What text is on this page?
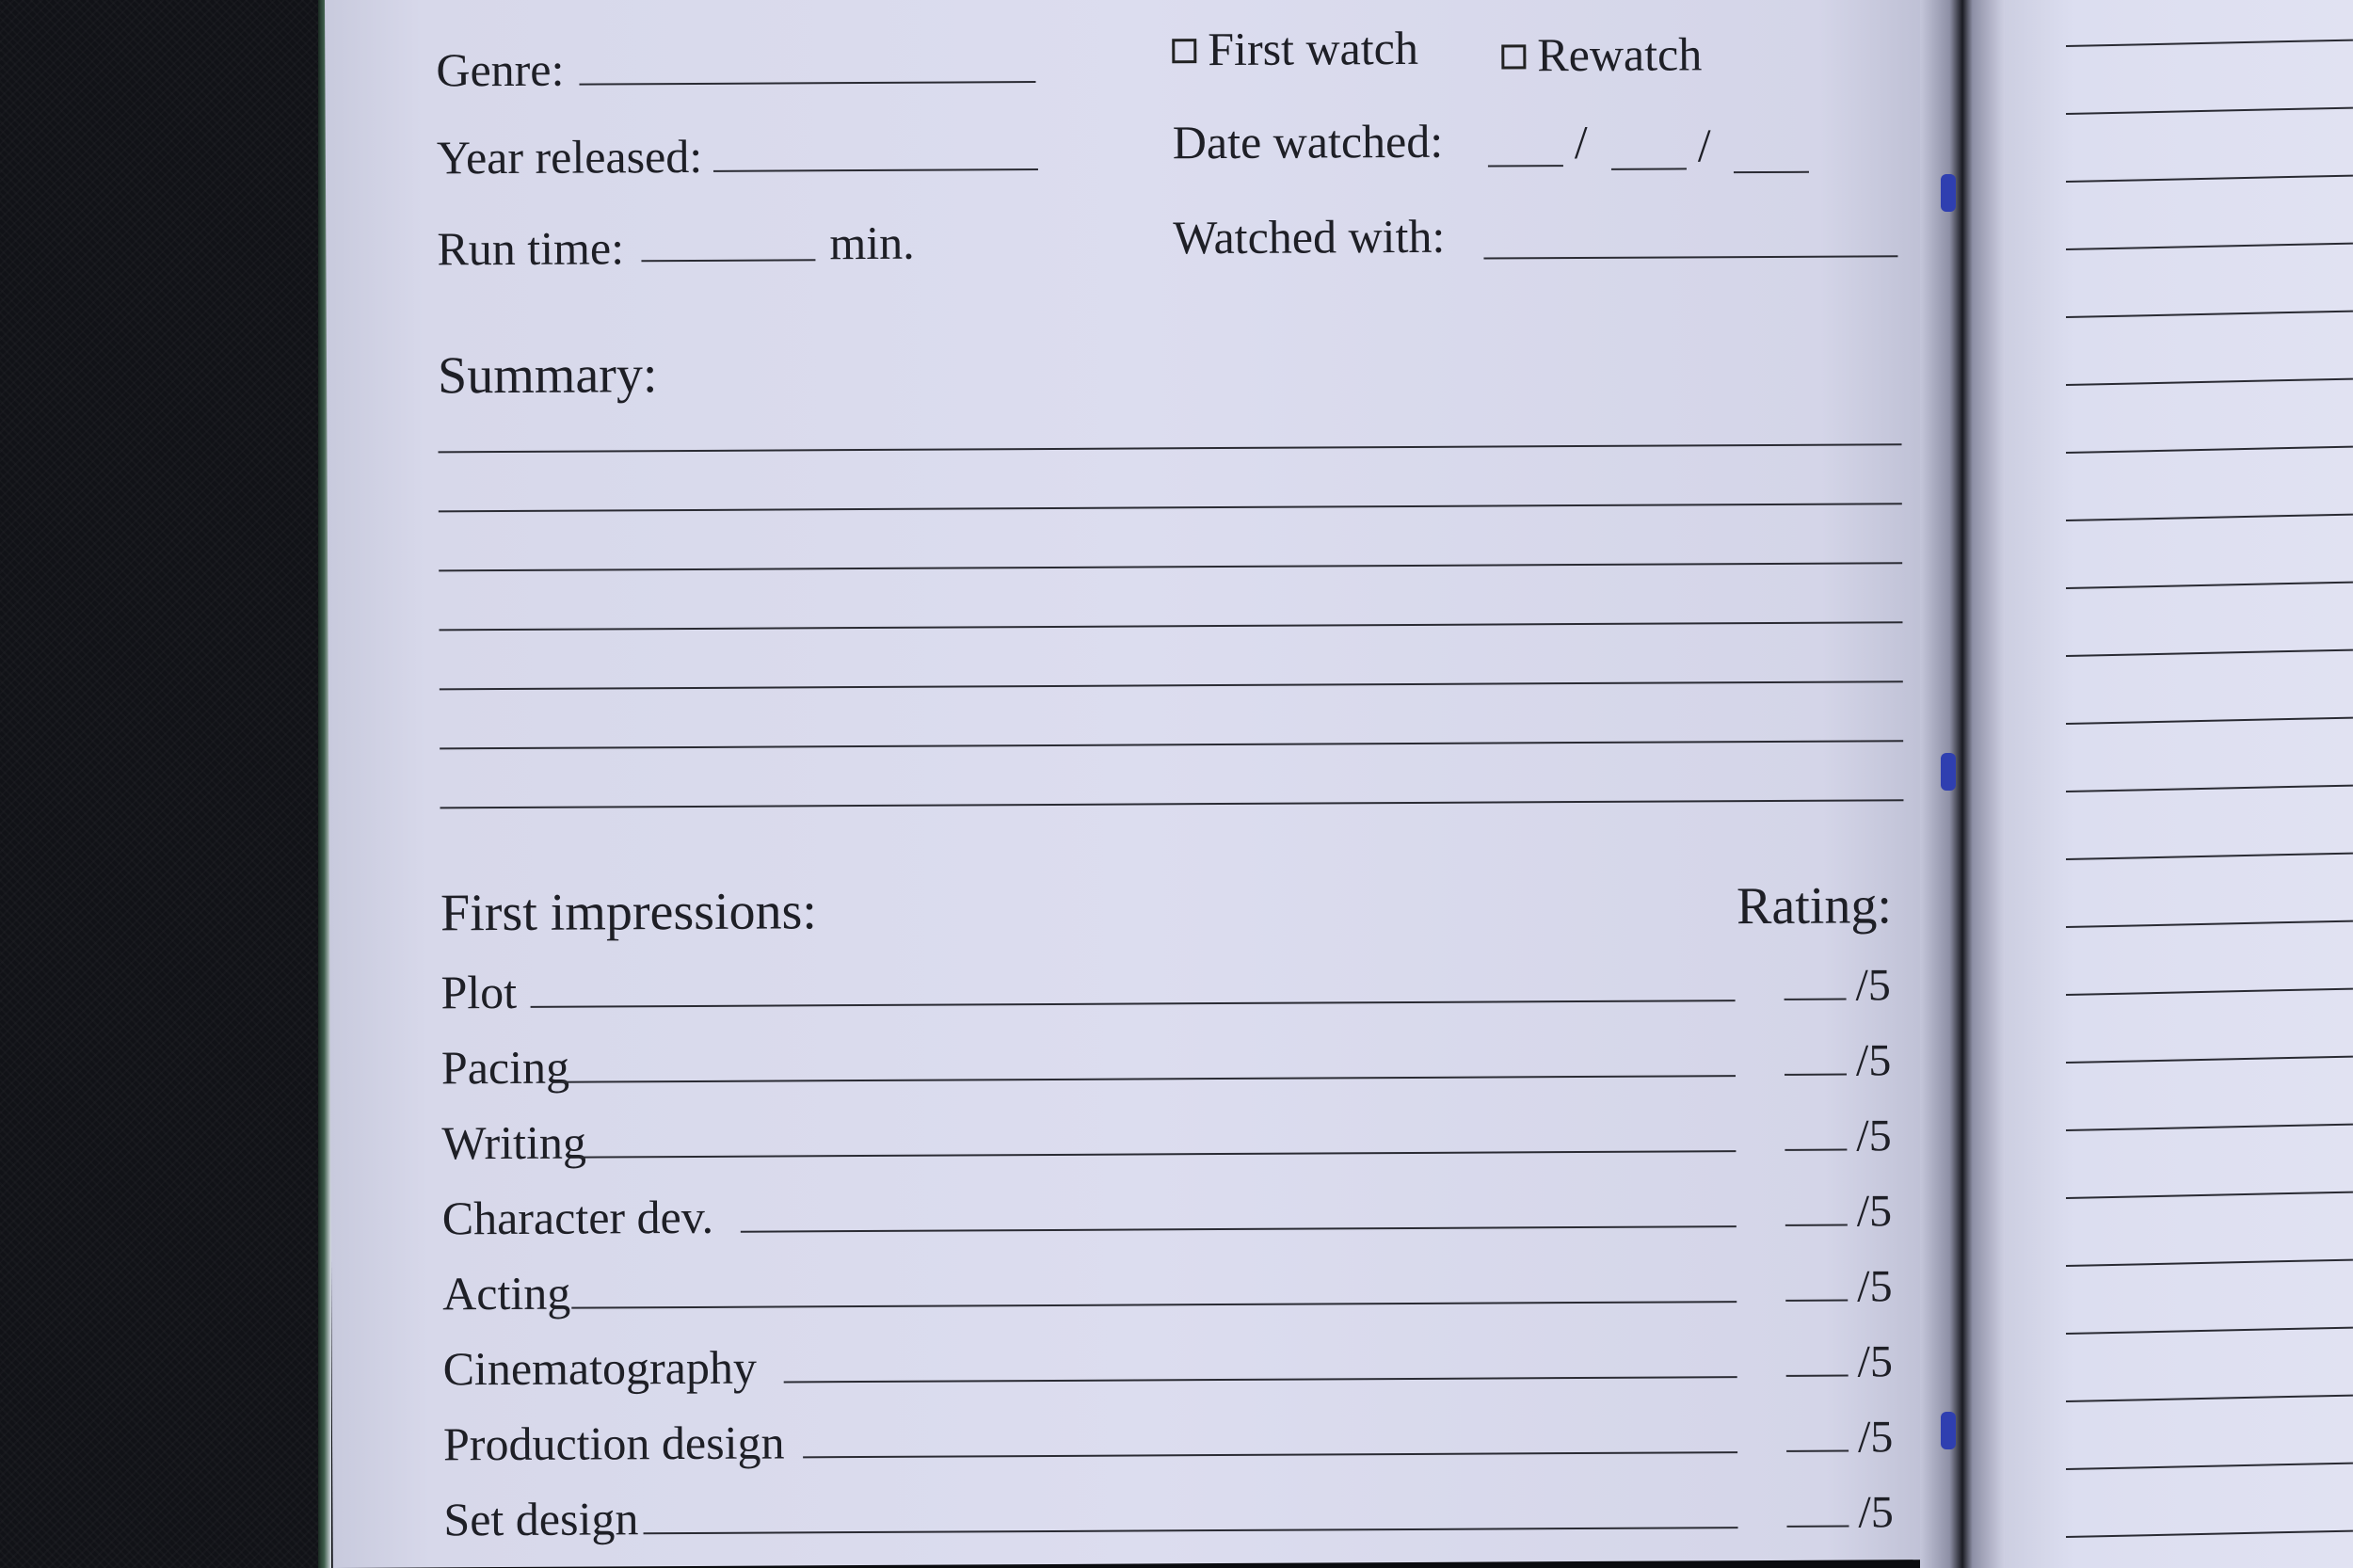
Genre:	First watch	Rewatch
Year released:	Date watched:	/ /
Run time:	min.	Watched with:
Summary:
First impressions:	Rating:
Plot	/5
Pacing	/5
Writing	/5
Character dev.	/5
Acting	/5
Cinematography	/5
Production design	/5
Set design	/5
